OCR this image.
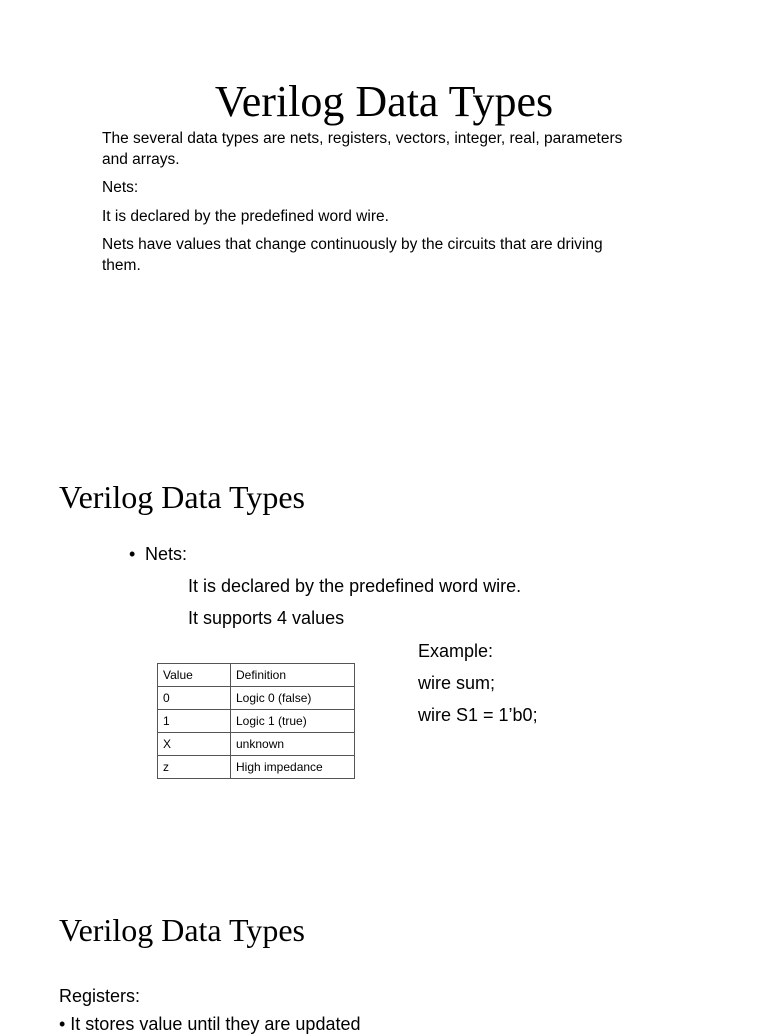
Verilog Data Types

The several data types are nets, registers, vectors, integer, real, parameters and arrays.

Nets:

It is declared by the predefined word wire.

Nets have values that change continuously by the circuits that are driving them.

Verilog Data Types
• Nets:

It is declared by the predefined word wire.

It supports 4 values

Value	Definition
0	Logic 0 (false)
1	Logic 1 (true)
X	unknown
z	High impedance

Example:

wire sum;

wire S1 = 1’b0;

Verilog Data Types

Registers:

• It stores value until they are updated
